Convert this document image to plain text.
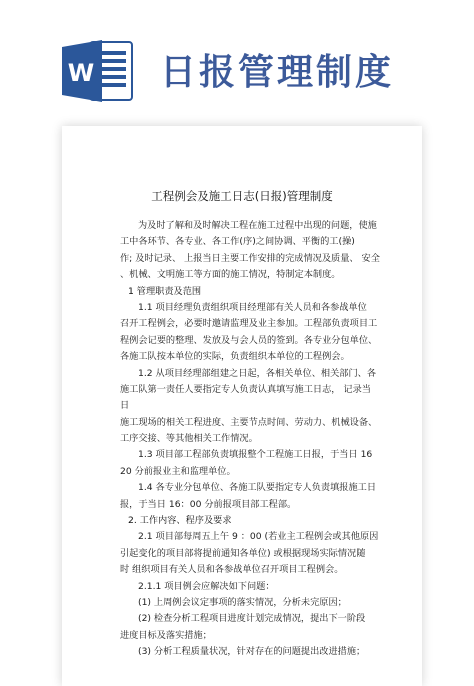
W 日报管理制度
工程例会及施工日志(日报)管理制度
为及时了解和及时解决工程在施工过程中出现的问题，使施
工中各环节、各专业、各工作(序)之间协调、平衡的工(操)
作; 及时记录、 上报当日主要工作安排的完成情况及质量、 安全
、机械、文明施工等方面的施工情况，特制定本制度。
1 管理职责及范围
1.1 项目经理负责组织项目经理部有关人员和各参战单位
召开工程例会，必要时邀请监理及业主参加。工程部负责项目工
程例会记要的整理、发放及与会人员的签到。各专业分包单位、
各施工队按本单位的实际，负责组织本单位的工程例会。
1.2 从项目经理部组建之日起，各相关单位、相关部门、各
施工队第一责任人要指定专人负责认真填写施工日志， 记录当
日
施工现场的相关工程进度、主要节点时间、劳动力、机械设备、
工序交接、等其他相关工作情况。
1.3 项目部工程部负责填报整个工程施工日报，于当日 16
20 分前报业主和监理单位。
1.4 各专业分包单位、各施工队要指定专人负责填报施工日
报，于当日 16：00 分前报项目部工程部。
2. 工作内容、程序及要求
2.1 项目部每周五上午 9 ：00 (若业主工程例会或其他原因
引起变化的项目部将提前通知各单位) 或根据现场实际情况随
时 组织项目有关人员和各参战单位召开项目工程例会。
2.1.1 项目例会应解决如下问题：
(1) 上周例会议定事项的落实情况，分析未完原因；
(2) 检查分析工程项目进度计划完成情况，提出下一阶段
进度目标及落实措施；
(3) 分析工程质量状况，针对存在的问题提出改进措施；
